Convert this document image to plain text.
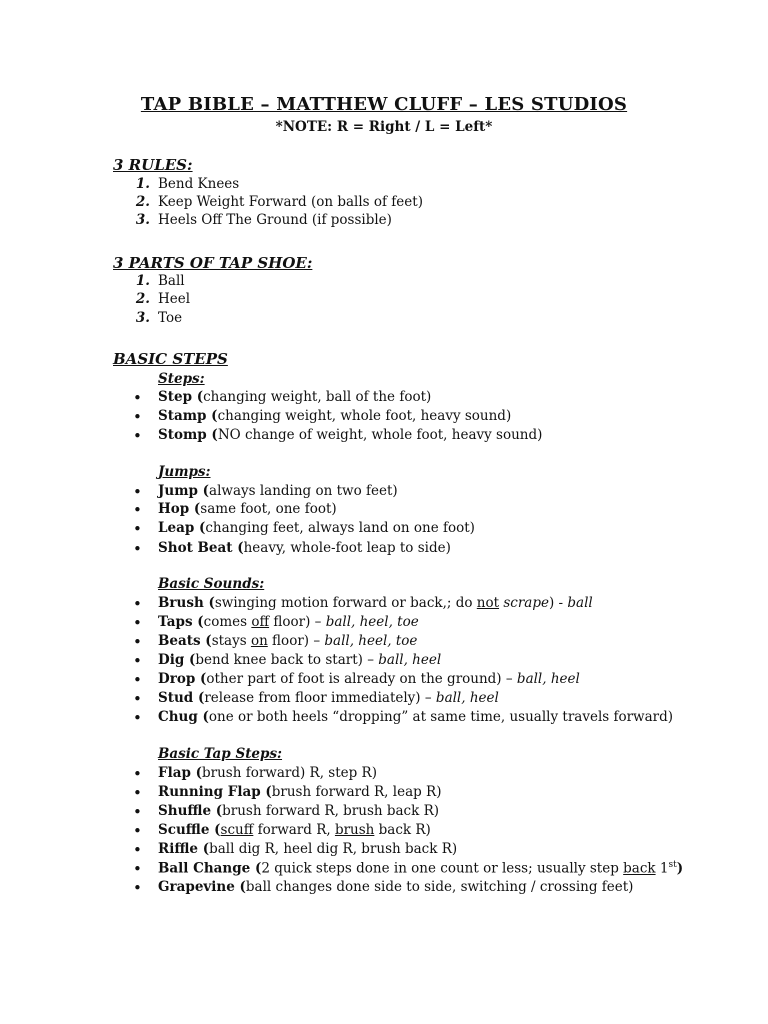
TAP BIBLE – MATTHEW CLUFF – LES STUDIOS
*NOTE: R = Right / L = Left*
3 RULES:
1. Bend Knees
2. Keep Weight Forward (on balls of feet)
3. Heels Off The Ground (if possible)
3 PARTS OF TAP SHOE:
1. Ball
2. Heel
3. Toe
BASIC STEPS
Steps:
• Step (changing weight, ball of the foot)
• Stamp (changing weight, whole foot, heavy sound)
• Stomp (NO change of weight, whole foot, heavy sound)
Jumps:
• Jump (always landing on two feet)
• Hop (same foot, one foot)
• Leap (changing feet, always land on one foot)
• Shot Beat (heavy, whole-foot leap to side)
Basic Sounds:
• Brush (swinging motion forward or back,; do not scrape) - ball
• Taps (comes off floor) – ball, heel, toe
• Beats (stays on floor) – ball, heel, toe
• Dig (bend knee back to start) – ball, heel
• Drop (other part of foot is already on the ground) – ball, heel
• Stud (release from floor immediately) – ball, heel
• Chug (one or both heels “dropping” at same time, usually travels forward)
Basic Tap Steps:
• Flap (brush forward) R, step R)
• Running Flap (brush forward R, leap R)
• Shuffle (brush forward R, brush back R)
• Scuffle (scuff forward R, brush back R)
• Riffle (ball dig R, heel dig R, brush back R)
• Ball Change (2 quick steps done in one count or less; usually step back 1st)
• Grapevine (ball changes done side to side, switching / crossing feet)
